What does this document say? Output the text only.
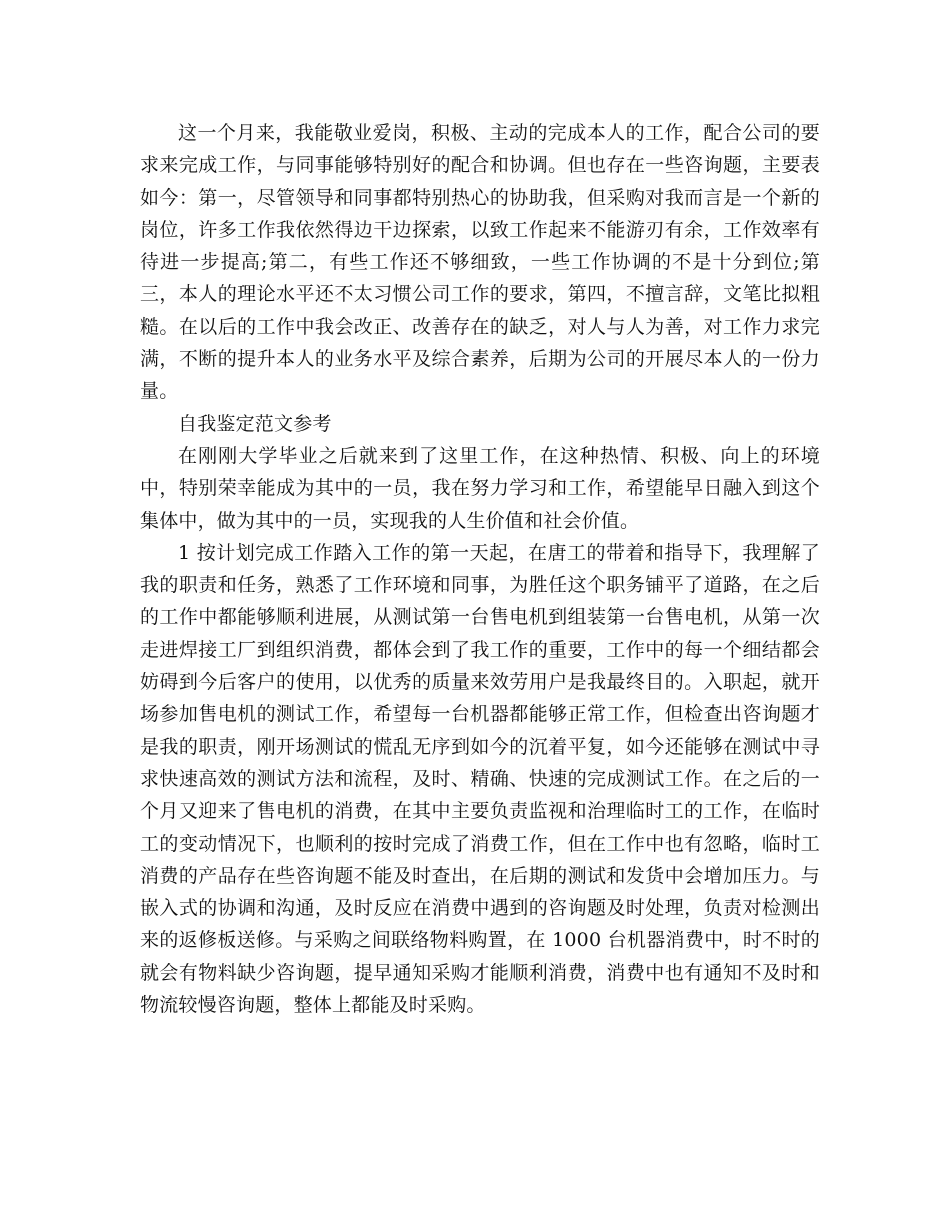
这一个月来，我能敬业爱岗，积极、主动的完成本人的工作，配合公司的要求来完成工作，与同事能够特别好的配合和协调。但也存在一些咨询题，主要表如今：第一，尽管领导和同事都特别热心的协助我，但采购对我而言是一个新的岗位，许多工作我依然得边干边探索，以致工作起来不能游刃有余，工作效率有待进一步提高;第二，有些工作还不够细致，一些工作协调的不是十分到位;第三，本人的理论水平还不太习惯公司工作的要求，第四，不擅言辞，文笔比拟粗糙。在以后的工作中我会改正、改善存在的缺乏，对人与人为善，对工作力求完满，不断的提升本人的业务水平及综合素养，后期为公司的开展尽本人的一份力量。

自我鉴定范文参考

在刚刚大学毕业之后就来到了这里工作，在这种热情、积极、向上的环境中，特别荣幸能成为其中的一员，我在努力学习和工作，希望能早日融入到这个集体中，做为其中的一员，实现我的人生价值和社会价值。

1 按计划完成工作踏入工作的第一天起，在唐工的带着和指导下，我理解了我的职责和任务，熟悉了工作环境和同事，为胜任这个职务铺平了道路，在之后的工作中都能够顺利进展，从测试第一台售电机到组装第一台售电机，从第一次走进焊接工厂到组织消费，都体会到了我工作的重要，工作中的每一个细结都会妨碍到今后客户的使用，以优秀的质量来效劳用户是我最终目的。入职起，就开场参加售电机的测试工作，希望每一台机器都能够正常工作，但检查出咨询题才是我的职责，刚开场测试的慌乱无序到如今的沉着平复，如今还能够在测试中寻求快速高效的测试方法和流程，及时、精确、快速的完成测试工作。在之后的一个月又迎来了售电机的消费，在其中主要负责监视和治理临时工的工作，在临时工的变动情况下，也顺利的按时完成了消费工作，但在工作中也有忽略，临时工消费的产品存在些咨询题不能及时查出，在后期的测试和发货中会增加压力。与嵌入式的协调和沟通，及时反应在消费中遇到的咨询题及时处理，负责对检测出来的返修板送修。与采购之间联络物料购置，在 1000 台机器消费中，时不时的就会有物料缺少咨询题，提早通知采购才能顺利消费，消费中也有通知不及时和物流较慢咨询题，整体上都能及时采购。
